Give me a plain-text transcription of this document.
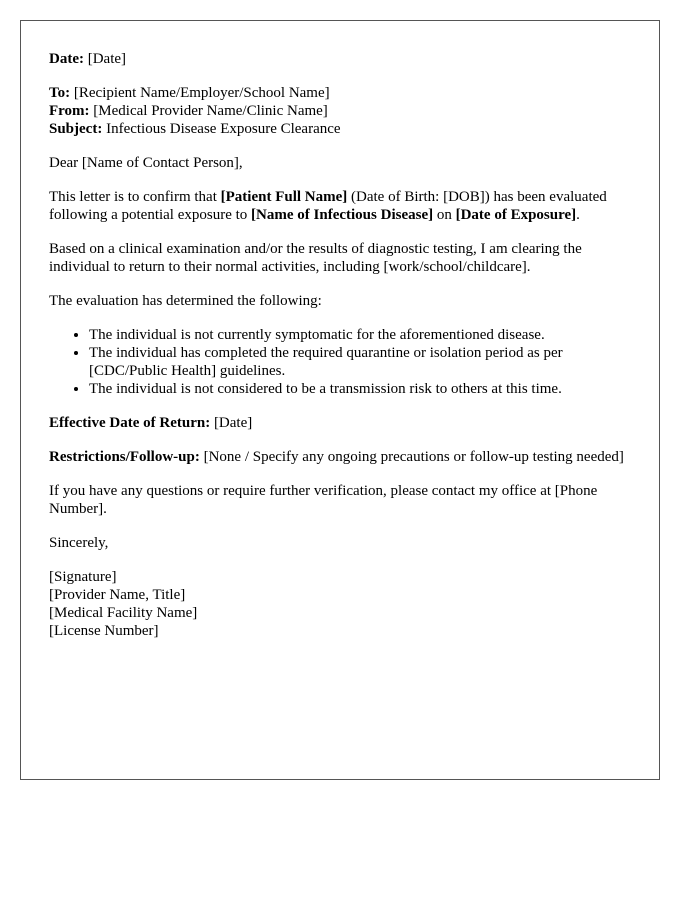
Date: [Date]

To: [Recipient Name/Employer/School Name]
From: [Medical Provider Name/Clinic Name]
Subject: Infectious Disease Exposure Clearance

Dear [Name of Contact Person],

This letter is to confirm that [Patient Full Name] (Date of Birth: [DOB]) has been evaluated following a potential exposure to [Name of Infectious Disease] on [Date of Exposure].

Based on a clinical examination and/or the results of diagnostic testing, I am clearing the individual to return to their normal activities, including [work/school/childcare].

The evaluation has determined the following:

• The individual is not currently symptomatic for the aforementioned disease.
• The individual has completed the required quarantine or isolation period as per [CDC/Public Health] guidelines.
• The individual is not considered to be a transmission risk to others at this time.

Effective Date of Return: [Date]

Restrictions/Follow-up: [None / Specify any ongoing precautions or follow-up testing needed]

If you have any questions or require further verification, please contact my office at [Phone Number].

Sincerely,

[Signature]
[Provider Name, Title]
[Medical Facility Name]
[License Number]
